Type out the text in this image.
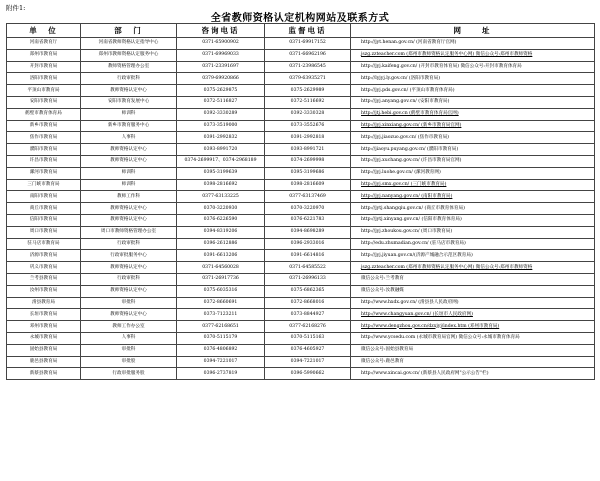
附件1:
全省教师资格认定机构网站及联系方式
单　位	部　门	咨询电话	监督电话	网　　址
河南省教育厅	河南省教师资格认定指导中心	0371-65900902	0371-69917152	http://jyt.henan.gov.cn/ (河南省教育厅官网)
郑州市教育局	郑州市教师资格认定服务中心	0371-69969033	0371-66962196	jszg.zzteacher.com (郑州市教师资格认定服务中心网) 微信公众号:郑州市教师资格
开封市教育局	教师资格管理办公室	0371-23391697	0371-23986545	http://jyj.kaifeng.gov.cn/ (开封市教育体育局) 微信公众号:开封市教育体育局
洛阳市教育局	行政审批科	0379-69920866	0379-63935271	http://lyjyj.ly.gov.cn/ (洛阳市教育局)
平顶山市教育局	教师资格认定中心	0375-2629875	0375-2629989	http://jyj.pds.gov.cn/ (平顶山市教育体育局)
安阳市教育局	安阳市教育发展中心	0372-5116827	0372-5116692	http://jyj.anyang.gov.cn/ (安阳市教育局)
鹤壁市教育体育局	师训科	0392-3330289	0392-3330328	http://jtj.hebi.gov.cn (鹤壁市教育体育局官网)
新乡市教育局	新乡市教育服务中心	0373-3519000	0373-3552676	http://jyj.xinxiang.gov.cn/ (新乡市教育局官网)
焦作市教育局	人事科	0391-2992832	0391-2992818	http://jyj.jiaozuo.gov.cn/ (焦作市教育局)
濮阳市教育局	教师资格认定中心	0393-8991720	0393-8991721	http://jiaoyu.puyang.gov.cn/ (濮阳市教育局)
许昌市教育局	教师资格认定中心	0374-2699917、0374-2968189	0374-2699998	http://jyj.xuchang.gov.cn/ (许昌市教育局官网)
漯河市教育局	师训科	0395-3199639	0395-3199686	http://jyj.luohe.gov.cn/ (漯河教育网)
三门峡市教育局	师训科	0398-2816692	0398-2816609	http://jyj.smx.gov.cn/ (三门峡市教育局)
南阳市教育局	教师工作科	0377-63133225	0377-63137469	http://jyj.nanyang.gov.cn/ (南阳市教育局)
商丘市教育局	教师资格认定中心	0370-3220930	0370-3220970	http://jytj.shangqiu.gov.cn/ (商丘市教育体育局)
信阳市教育局	教师资格认定中心	0376-6226590	0376-6221783	http://jytj.xinyang.gov.cn/ (信阳市教育体育局)
周口市教育局	周口市教师资格管理办公室	0394-8319206	0394-8698289	http://jyj.zhoukou.gov.cn/ (周口市教育局)
驻马店市教育局	行政审批科	0396-2612886	0396-2933016	http://edu.zhumadian.gov.cn/ (驻马店市教育局)
济源市教育局	行政审批服务中心	0391-6613206	0391-6614816	http://jyj.jiyuan.gov.cn/(济源产城融合示范区教育局)
巩义市教育局	教师资格认定中心	0371-64560028	0371-64585522	jszg.zzteacher.com (郑州市教师资格认定服务中心网) 微信公众号:郑州市教师资格
兰考县教育局	行政审批科	0371-26917736	0371-26996133	微信公众号:兰考教育
汝州市教育局	教师资格认定中心	0375-6035316	0375-6862365	微信公众号:汝教融媒
滑县教育局	审批科	0372-8660691	0372-8668016	http://www.hxdx.gov.cn/ (滑县县人民政府网)
长垣市教育局	教师资格认定中心	0373-7123211	0373-8844927	http://www.changyuan.gov.cn/ (长垣市人民政府网)
邓州市教育局	教师工作办公室	0377-62168651	0377-62168276	http://www.dengzhou.gov.cn/dzxjyj/index.htm (邓州市教育局)
永城市教育局	人事科	0370-5115179	0370-5115163	http://www.ycsedu.com (永城市教育局官网) 微信公众号:永城市教育体育局
固始县教育局	审批科	0376-4806892	0376-4605927	微信公众号:固始县教育局
鹿邑县教育局	审批股	0394-7221017	0394-7221017	微信公众号:鹿邑教育
新蔡县教育局	行政审批服务股	0396-2737819	0396-5990662	http://www.xincai.gov.cn/ (新蔡县人民政府网"公示公告"栏)
